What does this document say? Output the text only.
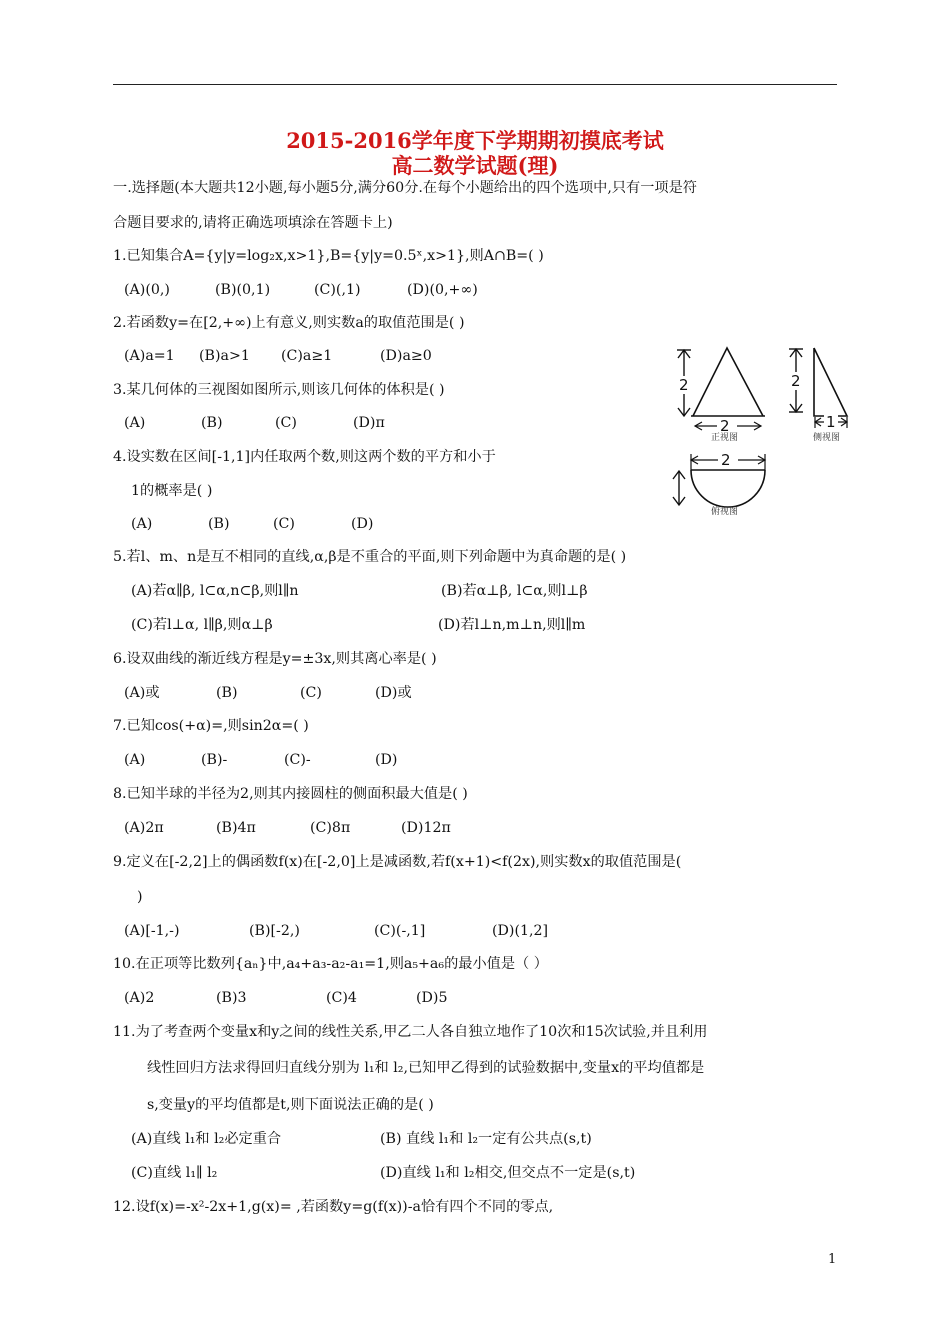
2015-2016学年度下学期期初摸底考试
高二数学试题(理)
一.选择题(本大题共12小题,每小题5分,满分60分.在每个小题给出的四个选项中,只有一项是符
合题目要求的,请将正确选项填涂在答题卡上)
1.已知集合A={y|y=log₂x,x>1},B={y|y=0.5ˣ,x>1},则A∩B=( )
(A)(0,)	(B)(0,1)	(C)(,1)	(D)(0,+∞)
2.若函数y=在[2,+∞)上有意义,则实数a的取值范围是( )
(A)a=1 (B)a>1 (C)a≥1	(D)a≥0
3.某几何体的三视图如图所示,则该几何体的体积是( )
(A)	(B)	(C)	(D)π
4.设实数在区间[-1,1]内任取两个数,则这两个数的平方和小于
1的概率是( )
(A)	(B)	(C)	(D)
5.若l、m、n是互不相同的直线,α,β是不重合的平面,则下列命题中为真命题的是( )
(A)若α∥β, l⊂α,n⊂β,则l∥n	(B)若α⊥β, l⊂α,则l⊥β
(C)若l⊥α, l∥β,则α⊥β	(D)若l⊥n,m⊥n,则l∥m
6.设双曲线的渐近线方程是y=±3x,则其离心率是( )
(A)或	(B)	(C)	(D)或
7.已知cos(+α)=,则sin2α=( )
(A)	(B)-	(C)-	(D)
8.已知半球的半径为2,则其内接圆柱的侧面积最大值是( )
(A)2π	(B)4π	(C)8π	(D)12π
9.定义在[-2,2]上的偶函数f(x)在[-2,0]上是减函数,若f(x+1)<f(2x),则实数x的取值范围是(
)
(A)[-1,-)	(B)[-2,)	(C)(-,1]	(D)(1,2]
10.在正项等比数列{aₙ}中,a₄+a₃-a₂-a₁=1,则a₅+a₆的最小值是（ ）
(A)2	(B)3	(C)4	(D)5
11.为了考查两个变量x和y之间的线性关系,甲乙二人各自独立地作了10次和15次试验,并且利用
线性回归方法求得回归直线分别为 l₁和 l₂,已知甲乙得到的试验数据中,变量x的平均值都是
s,变量y的平均值都是t,则下面说法正确的是( )
(A)直线 l₁和 l₂必定重合	(B) 直线 l₁和 l₂一定有公共点(s,t)
(C)直线 l₁∥ l₂	(D)直线 l₁和 l₂相交,但交点不一定是(s,t)
12.设f(x)=-x²-2x+1,g(x)= ,若函数y=g(f(x))-a恰有四个不同的零点,
2
2
正视图
2
1
侧视图
2
俯视图
1
